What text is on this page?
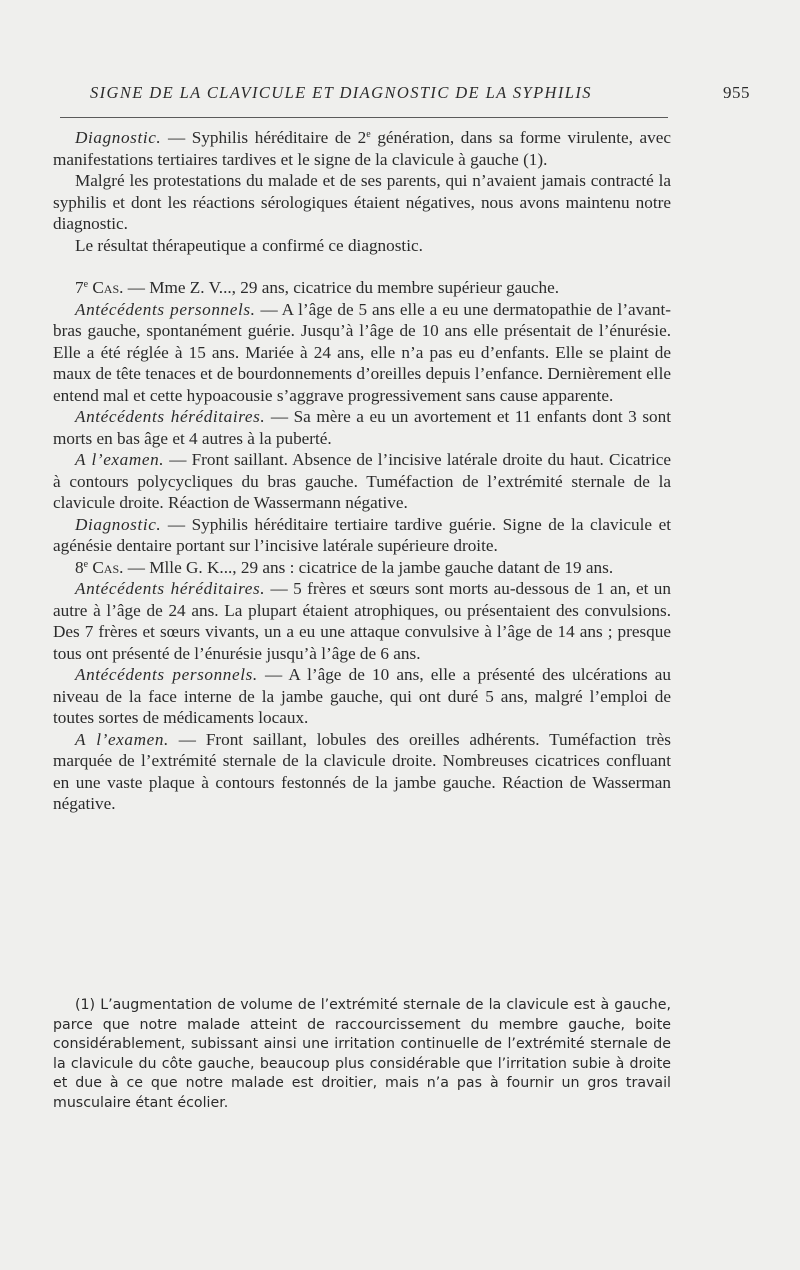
SIGNE DE LA CLAVICULE ET DIAGNOSTIC DE LA SYPHILIS	955

Diagnostic. — Syphilis héréditaire de 2e génération, dans sa forme virulente, avec manifestations tertiaires tardives et le signe de la clavicule à gauche (1).

Malgré les protestations du malade et de ses parents, qui n’avaient jamais contracté la syphilis et dont les réactions sérologiques étaient négatives, nous avons maintenu notre diagnostic.

Le résultat thérapeutique a confirmé ce diagnostic.

7e Cas. — Mme Z. V..., 29 ans, cicatrice du membre supérieur gauche.

Antécédents personnels. — A l’âge de 5 ans elle a eu une dermatopathie de l’avant-bras gauche, spontanément guérie. Jusqu’à l’âge de 10 ans elle présentait de l’énurésie. Elle a été réglée à 15 ans. Mariée à 24 ans, elle n’a pas eu d’enfants. Elle se plaint de maux de tête tenaces et de bourdonnements d’oreilles depuis l’enfance. Dernièrement elle entend mal et cette hypoacousie s’aggrave progressivement sans cause apparente.

Antécédents héréditaires. — Sa mère a eu un avortement et 11 enfants dont 3 sont morts en bas âge et 4 autres à la puberté.

A l’examen. — Front saillant. Absence de l’incisive latérale droite du haut. Cicatrice à contours polycycliques du bras gauche. Tuméfaction de l’extrémité sternale de la clavicule droite. Réaction de Wassermann négative.

Diagnostic. — Syphilis héréditaire tertiaire tardive guérie. Signe de la clavicule et agénésie dentaire portant sur l’incisive latérale supérieure droite.

8e Cas. — Mlle G. K..., 29 ans : cicatrice de la jambe gauche datant de 19 ans.

Antécédents héréditaires. — 5 frères et sœurs sont morts au-dessous de 1 an, et un autre à l’âge de 24 ans. La plupart étaient atrophiques, ou présentaient des convulsions. Des 7 frères et sœurs vivants, un a eu une attaque convulsive à l’âge de 14 ans ; presque tous ont présenté de l’énurésie jusqu’à l’âge de 6 ans.

Antécédents personnels. — A l’âge de 10 ans, elle a présenté des ulcérations au niveau de la face interne de la jambe gauche, qui ont duré 5 ans, malgré l’emploi de toutes sortes de médicaments locaux.

A l’examen. — Front saillant, lobules des oreilles adhérents. Tuméfaction très marquée de l’extrémité sternale de la clavicule droite. Nombreuses cicatrices confluant en une vaste plaque à contours festonnés de la jambe gauche. Réaction de Wasserman négative.

(1) L’augmentation de volume de l’extrémité sternale de la clavicule est à gauche, parce que notre malade atteint de raccourcissement du membre gauche, boite considérablement, subissant ainsi une irritation continuelle de l’extrémité sternale de la clavicule du côte gauche, beaucoup plus considérable que l’irritation subie à droite et due à ce que notre malade est droitier, mais n’a pas à fournir un gros travail musculaire étant écolier.
